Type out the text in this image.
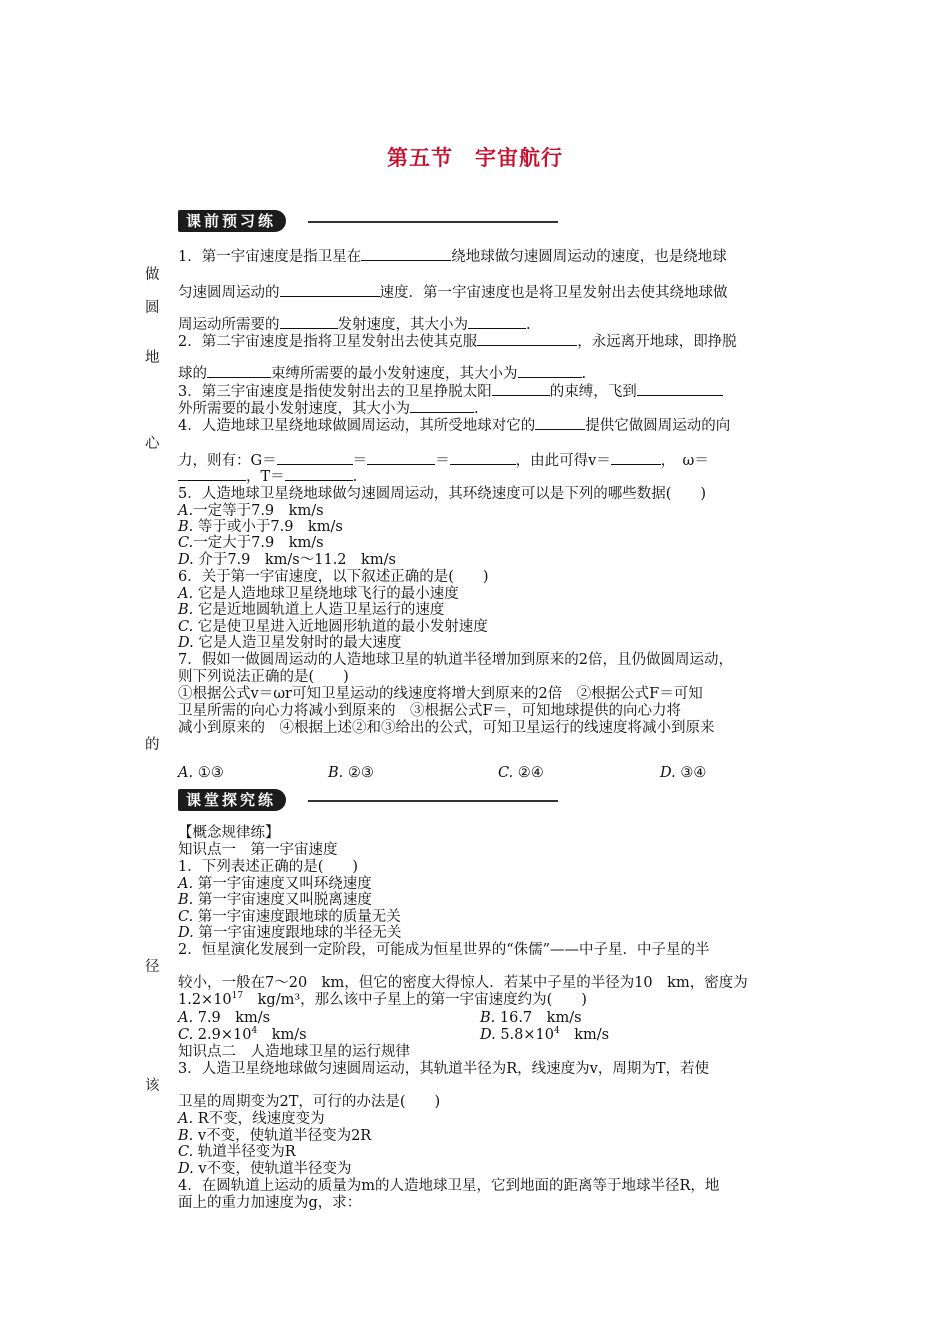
第五节　宇宙航行
课前预习练
1．第一宇宙速度是指卫星在	绕地球做匀速圆周运动的速度，也是绕地球
做
匀速圆周运动的	速度．第一宇宙速度也是将卫星发射出去使其绕地球做
圆
周运动所需要的	发射速度，其大小为	.
2．第二宇宙速度是指将卫星发射出去使其克服	，永远离开地球，即挣脱
地
球的	束缚所需要的最小发射速度，其大小为	.
3．第三宇宙速度是指使发射出去的卫星挣脱太阳	的束缚，飞到
外所需要的最小发射速度，其大小为	.
4．人造地球卫星绕地球做圆周运动，其所受地球对它的	提供它做圆周运动的向
心
力，则有：G＝	＝	＝	，由此可得v＝	，　ω＝
，T＝	.
5．人造地球卫星绕地球做匀速圆周运动，其环绕速度可以是下列的哪些数据(　　)
A.一定等于7.9　km/s
B. 等于或小于7.9　km/s
C.一定大于7.9　km/s
D. 介于7.9　km/s～11.2　km/s
6．关于第一宇宙速度，以下叙述正确的是(　　)
A. 它是人造地球卫星绕地球飞行的最小速度
B. 它是近地圆轨道上人造卫星运行的速度
C. 它是使卫星进入近地圆形轨道的最小发射速度
D. 它是人造卫星发射时的最大速度
7．假如一做圆周运动的人造地球卫星的轨道半径增加到原来的2倍，且仍做圆周运动，
则下列说法正确的是(　　)
①根据公式v＝ωr可知卫星运动的线速度将增大到原来的2倍　②根据公式F＝可知
卫星所需的向心力将减小到原来的　③根据公式F＝，可知地球提供的向心力将
减小到原来的　④根据上述②和③给出的公式，可知卫星运行的线速度将减小到原来
的
A. ①③	B. ②③	C. ②④	D. ③④
课堂探究练
【概念规律练】
知识点一　第一宇宙速度
1．下列表述正确的是(　　)
A. 第一宇宙速度又叫环绕速度
B. 第一宇宙速度又叫脱离速度
C. 第一宇宙速度跟地球的质量无关
D. 第一宇宙速度跟地球的半径无关
2．恒星演化发展到一定阶段，可能成为恒星世界的“侏儒”——中子星．中子星的半
径
较小，一般在7～20　km，但它的密度大得惊人．若某中子星的半径为10　km，密度为
$1.2\times 10^{17}$　kg/m³，那么该中子星上的第一宇宙速度约为(　　)
A. 7.9　km/s	B. 16.7　km/s
C. $2.9\times 10^4$　km/s	D. $5.8\times 10^4$　km/s
知识点二　人造地球卫星的运行规律
3．人造卫星绕地球做匀速圆周运动，其轨道半径为R，线速度为v，周期为T，若使
该
卫星的周期变为2T，可行的办法是(　　)
A. R不变，线速度变为
B. v不变，使轨道半径变为2R
C. 轨道半径变为R
D. v不变，使轨道半径变为
4．在圆轨道上运动的质量为m的人造地球卫星，它到地面的距离等于地球半径R，地
面上的重力加速度为g，求：
